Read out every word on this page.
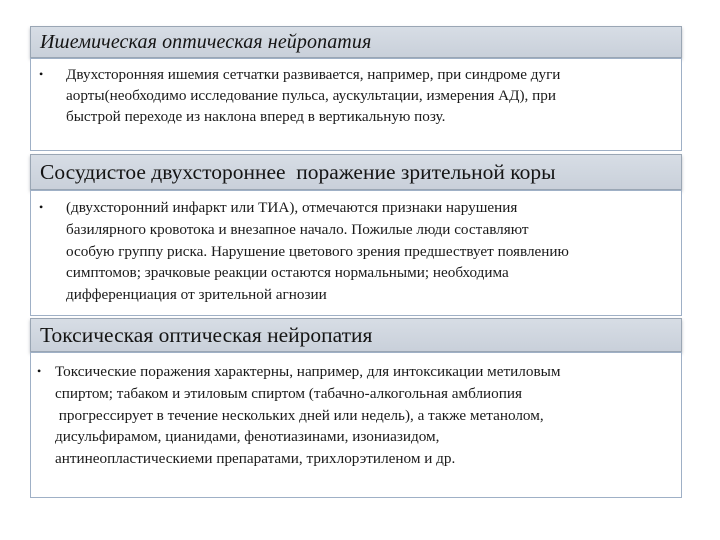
Ишемическая оптическая нейропатия
• Двухсторонняя ишемия сетчатки развивается, например, при синдроме дуги
аорты(необходимо исследование пульса, аускультации, измерения АД), при
быстрой переходе из наклона вперед в вертикальную позу.
Сосудистое двухстороннее  поражение зрительной коры
• (двухсторонний инфаркт или ТИА), отмечаются признаки нарушения
базилярного кровотока и внезапное начало. Пожилые люди составляют
особую группу риска. Нарушение цветового зрения предшествует появлению
симптомов; зрачковые реакции остаются нормальными; необходима
дифференциация от зрительной агнозии
Токсическая оптическая нейропатия
• Токсические поражения характерны, например, для интоксикации метиловым
спиртом; табаком и этиловым спиртом (табачно-алкогольная амблиопия
прогрессирует в течение нескольких дней или недель), а также метанолом,
дисульфирамом, цианидами, фенотиазинами, изониазидом,
антинеопластическиеми препаратами, трихлорэтиленом и др.
